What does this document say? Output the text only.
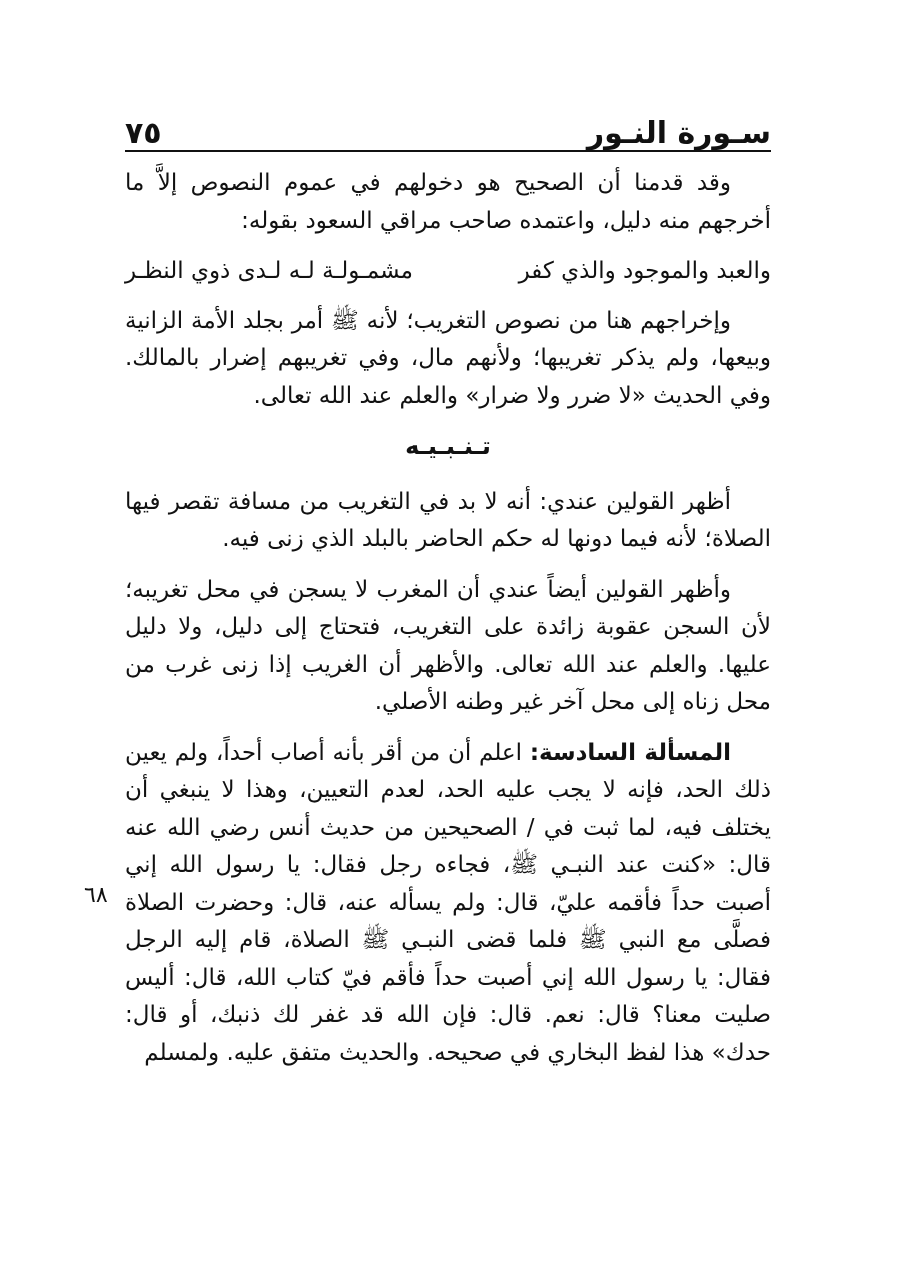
سـورة النـور
٧٥
٦٨

وقد قدمنا أن الصحيح هو دخولهم في عموم النصوص إلاَّ ما أخرجهم منه دليل، واعتمده صاحب مراقي السعود بقوله:

والعبد والموجود والذي كفر
مشمـولـة لـه لـدى ذوي النظـر

وإخراجهم هنا من نصوص التغريب؛ لأنه ﷺ أمر بجلد الأمة الزانية وبيعها، ولم يذكر تغريبها؛ ولأنهم مال، وفي تغريبهم إضرار بالمالك. وفي الحديث «لا ضرر ولا ضرار» والعلم عند الله تعالى.

تـنـبـيـه

أظهر القولين عندي: أنه لا بد في التغريب من مسافة تقصر فيها الصلاة؛ لأنه فيما دونها له حكم الحاضر بالبلد الذي زنى فيه.

وأظهر القولين أيضاً عندي أن المغرب لا يسجن في محل تغريبه؛ لأن السجن عقوبة زائدة على التغريب، فتحتاج إلى دليل، ولا دليل عليها. والعلم عند الله تعالى. والأظهر أن الغريب إذا زنى غرب من محل زناه إلى محل آخر غير وطنه الأصلي.

المسألة السادسة: اعلم أن من أقر بأنه أصاب أحداً، ولم يعين ذلك الحد، فإنه لا يجب عليه الحد، لعدم التعيين، وهذا لا ينبغي أن يختلف فيه، لما ثبت في / الصحيحين من حديث أنس رضي الله عنه قال: «كنت عند النبـي ﷺ، فجاءه رجل فقال: يا رسول الله إني أصبت حداً فأقمه عليّ، قال: ولم يسأله عنه، قال: وحضرت الصلاة فصلَّى مع النبي ﷺ فلما قضى النبـي ﷺ الصلاة، قام إليه الرجل فقال: يا رسول الله إني أصبت حداً فأقم فيّ كتاب الله، قال: أليس صليت معنا؟ قال: نعم. قال: فإن الله قد غفر لك ذنبك، أو قال: حدك» هذا لفظ البخاري في صحيحه. والحديث متفق عليه. ولمسلم
